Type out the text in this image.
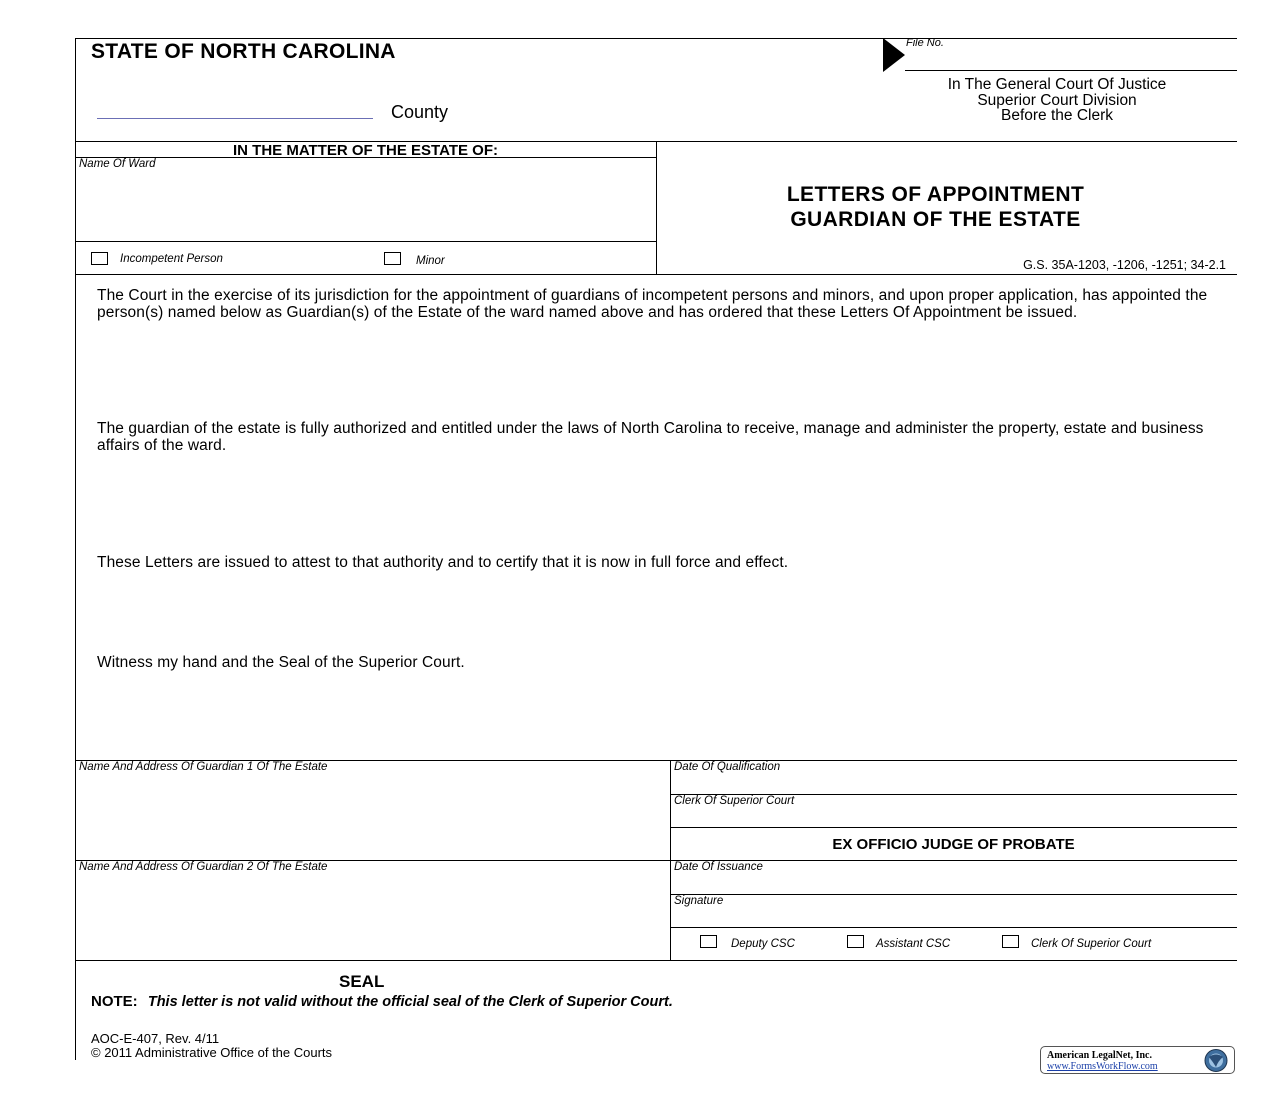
STATE OF NORTH CAROLINA
County
File No.
In The General Court Of Justice
Superior Court Division
Before the Clerk
IN THE MATTER OF THE ESTATE OF:
Name Of Ward
Incompetent Person	Minor
LETTERS OF APPOINTMENT
GUARDIAN OF THE ESTATE
G.S. 35A-1203, -1206, -1251; 34-2.1
The Court in the exercise of its jurisdiction for the appointment of guardians of incompetent persons and minors, and upon proper application, has appointed the person(s) named below as Guardian(s) of the Estate of the ward named above and has ordered that these Letters Of Appointment be issued.
The guardian of the estate is fully authorized and entitled under the laws of North Carolina to receive, manage and administer the property, estate and business affairs of the ward.
These Letters are issued to attest to that authority and to certify that it is now in full force and effect.
Witness my hand and the Seal of the Superior Court.
Name And Address Of Guardian 1 Of The Estate
Name And Address Of Guardian 2 Of The Estate
Date Of Qualification
Clerk Of Superior Court
EX OFFICIO JUDGE OF PROBATE
Date Of Issuance
Signature
Deputy CSC	Assistant CSC	Clerk Of Superior Court
SEAL
NOTE: This letter is not valid without the official seal of the Clerk of Superior Court.
AOC-E-407, Rev. 4/11
© 2011 Administrative Office of the Courts	American LegalNet, Inc.
www.FormsWorkFlow.com
